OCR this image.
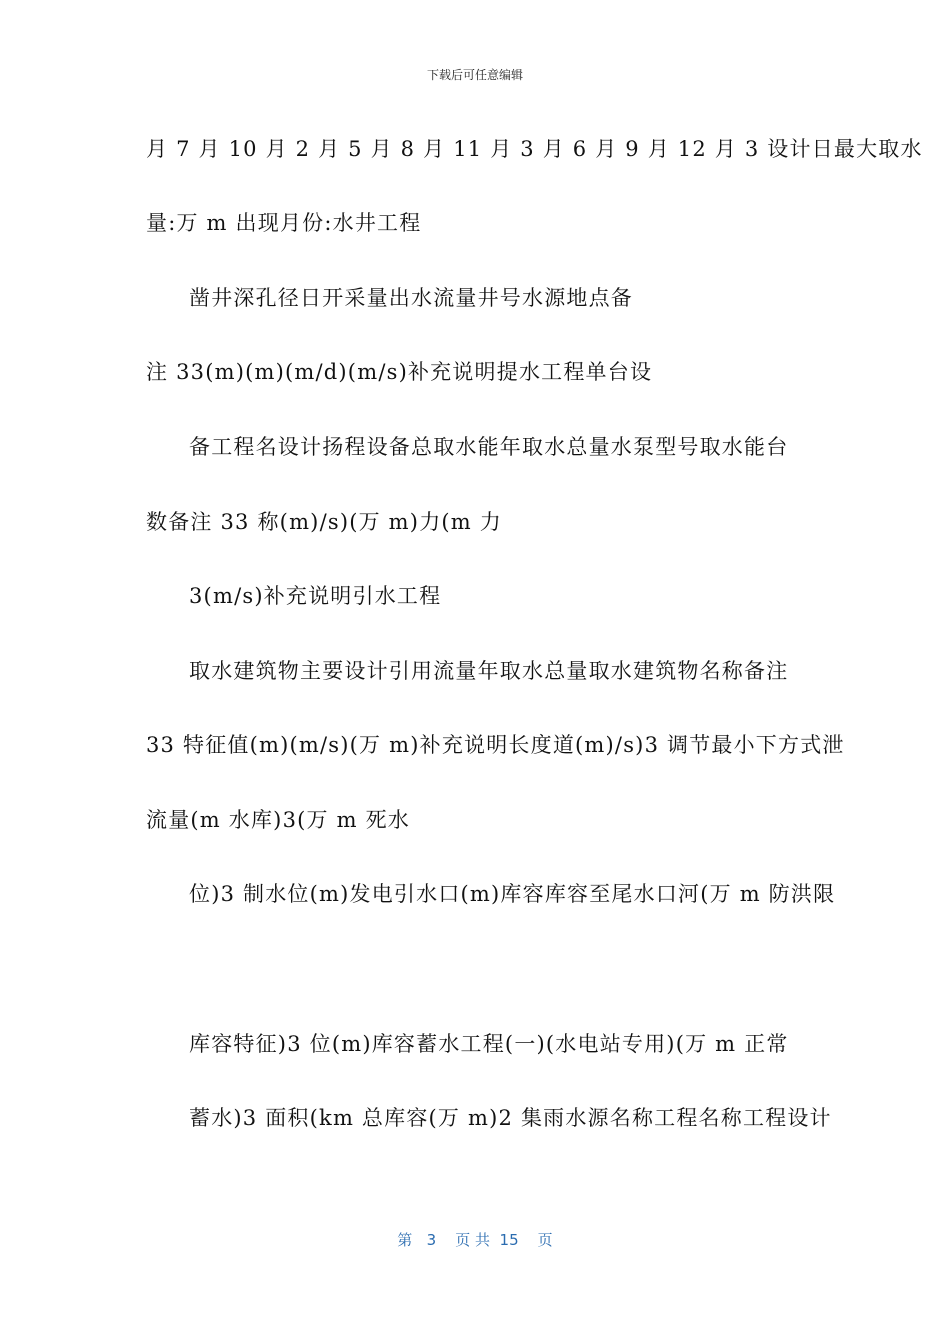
下载后可任意编辑
月 7 月 10 月 2 月 5 月 8 月 11 月 3 月 6 月 9 月 12 月 3 设计日最大取水
量:万 m 出现月份:水井工程
凿井深孔径日开采量出水流量井号水源地点备
注 33(m)(m)(m/d)(m/s)补充说明提水工程单台设
备工程名设计扬程设备总取水能年取水总量水泵型号取水能台
数备注 33 称(m)/s)(万 m)力(m 力
3(m/s)补充说明引水工程
取水建筑物主要设计引用流量年取水总量取水建筑物名称备注
33 特征值(m)(m/s)(万 m)补充说明长度道(m)/s)3 调节最小下方式泄
流量(m 水库)3(万 m 死水
位)3 制水位(m)发电引水口(m)库容库容至尾水口河(万 m 防洪限
库容特征)3 位(m)库容蓄水工程(一)(水电站专用)(万 m 正常
蓄水)3 面积(km 总库容(万 m)2 集雨水源名称工程名称工程设计
第   3    页 共  15    页
